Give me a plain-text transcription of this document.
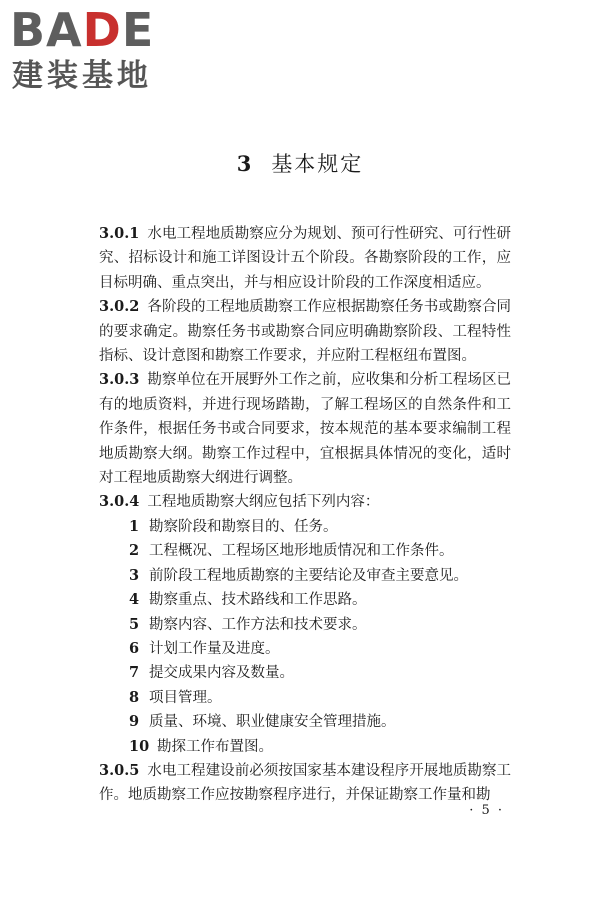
BADE
建装基地
3 基本规定

3.0.1 水电工程地质勘察应分为规划、预可行性研究、可行性研究、招标设计和施工详图设计五个阶段。各勘察阶段的工作，应目标明确、重点突出，并与相应设计阶段的工作深度相适应。

3.0.2 各阶段的工程地质勘察工作应根据勘察任务书或勘察合同的要求确定。勘察任务书或勘察合同应明确勘察阶段、工程特性指标、设计意图和勘察工作要求，并应附工程枢纽布置图。

3.0.3 勘察单位在开展野外工作之前，应收集和分析工程场区已有的地质资料，并进行现场踏勘，了解工程场区的自然条件和工作条件，根据任务书或合同要求，按本规范的基本要求编制工程地质勘察大纲。勘察工作过程中，宜根据具体情况的变化，适时对工程地质勘察大纲进行调整。

3.0.4 工程地质勘察大纲应包括下列内容：

1 勘察阶段和勘察目的、任务。
2 工程概况、工程场区地形地质情况和工作条件。
3 前阶段工程地质勘察的主要结论及审查主要意见。
4 勘察重点、技术路线和工作思路。
5 勘察内容、工作方法和技术要求。
6 计划工作量及进度。
7 提交成果内容及数量。
8 项目管理。
9 质量、环境、职业健康安全管理措施。
10 勘探工作布置图。

3.0.5 水电工程建设前必须按国家基本建设程序开展地质勘察工作。地质勘察工作应按勘察程序进行，并保证勘察工作量和勘

· 5 ·
